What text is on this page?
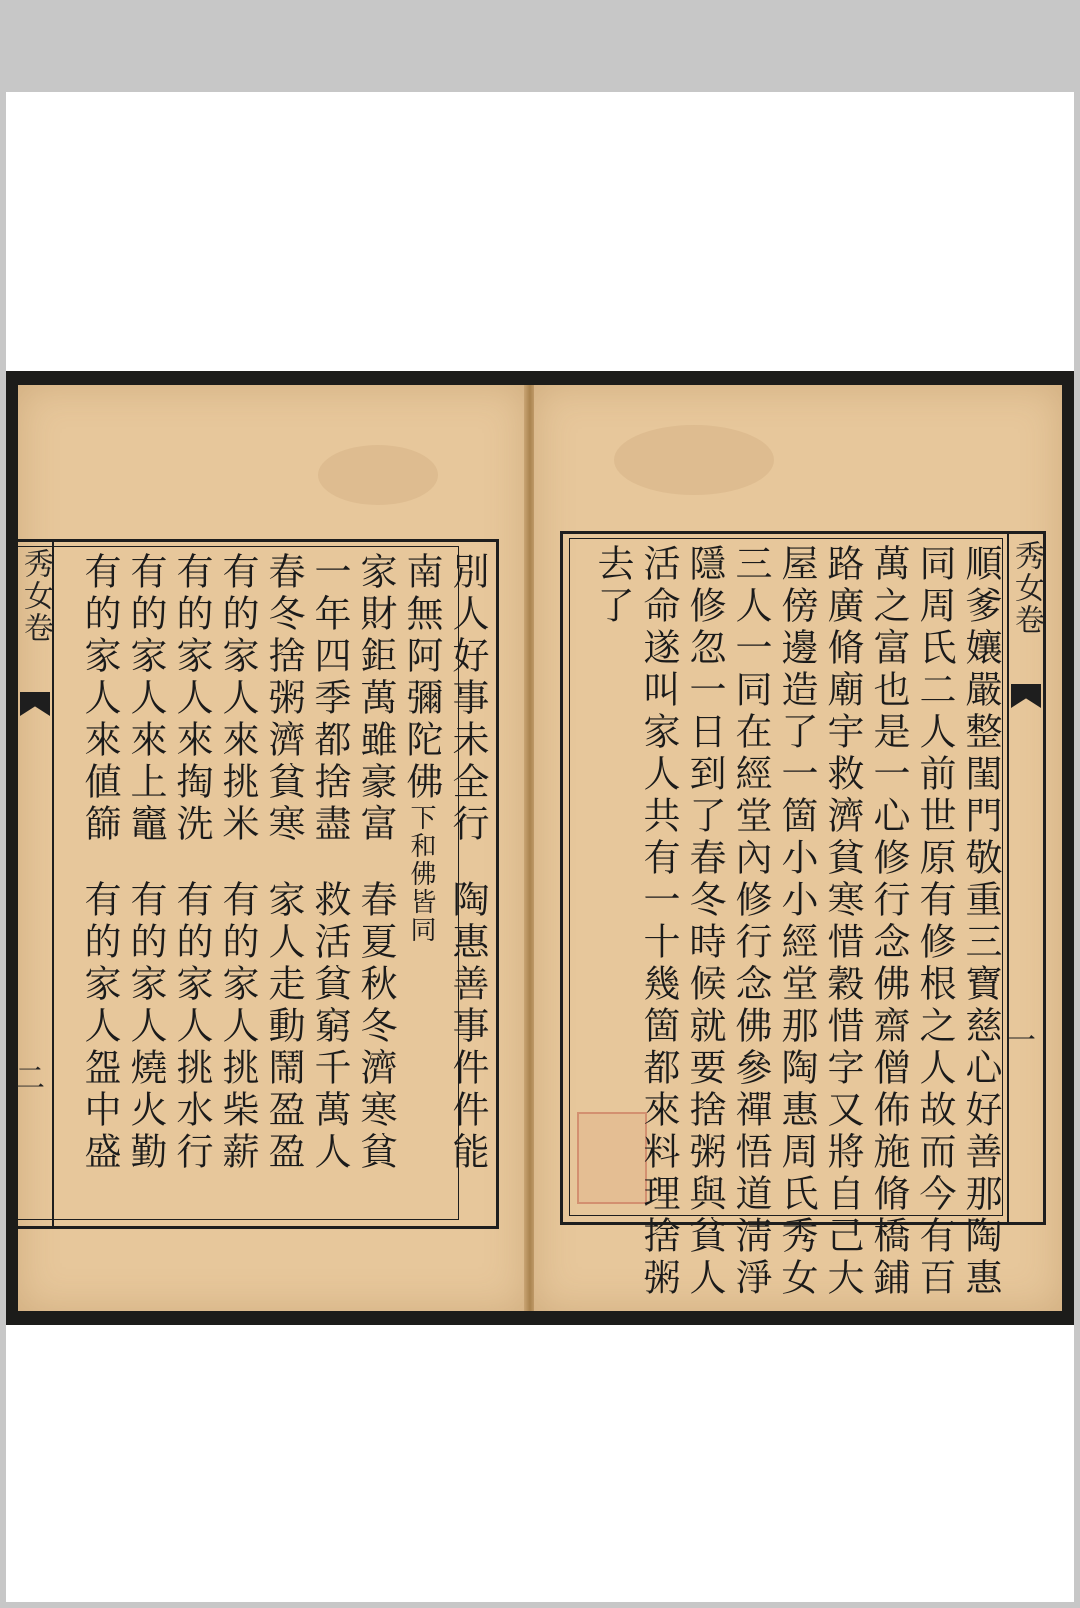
秀女卷
二
別人好事未全行陶惠善事件件能
南無阿彌陀佛下和佛皆同
家財鉅萬雖豪富春夏秋冬濟寒貧
一年四季都捨盡救活貧窮千萬人
春冬捨粥濟貧寒家人走動鬧盈盈
有的家人來挑米有的家人挑柴薪
有的家人來掏洗有的家人挑水行
有的家人來上竈有的家人燒火勤
有的家人來値篩有的家人盌中盛
秀女卷
一
順爹孃嚴整閨門敬重三寶慈心好善那陶惠
同周氏二人前世原有修根之人故而今有百
萬之富也是一心修行念佛齋僧佈施脩橋鋪
路廣脩廟宇救濟貧寒惜穀惜字又將自己大
屋傍邊造了一箇小小經堂那陶惠周氏秀女
三人一同在經堂內修行念佛參禪悟道淸淨
隱修忽一日到了春冬時候就要捨粥與貧人
活命遂叫家人共有一十幾箇都來料理捨粥
去了
